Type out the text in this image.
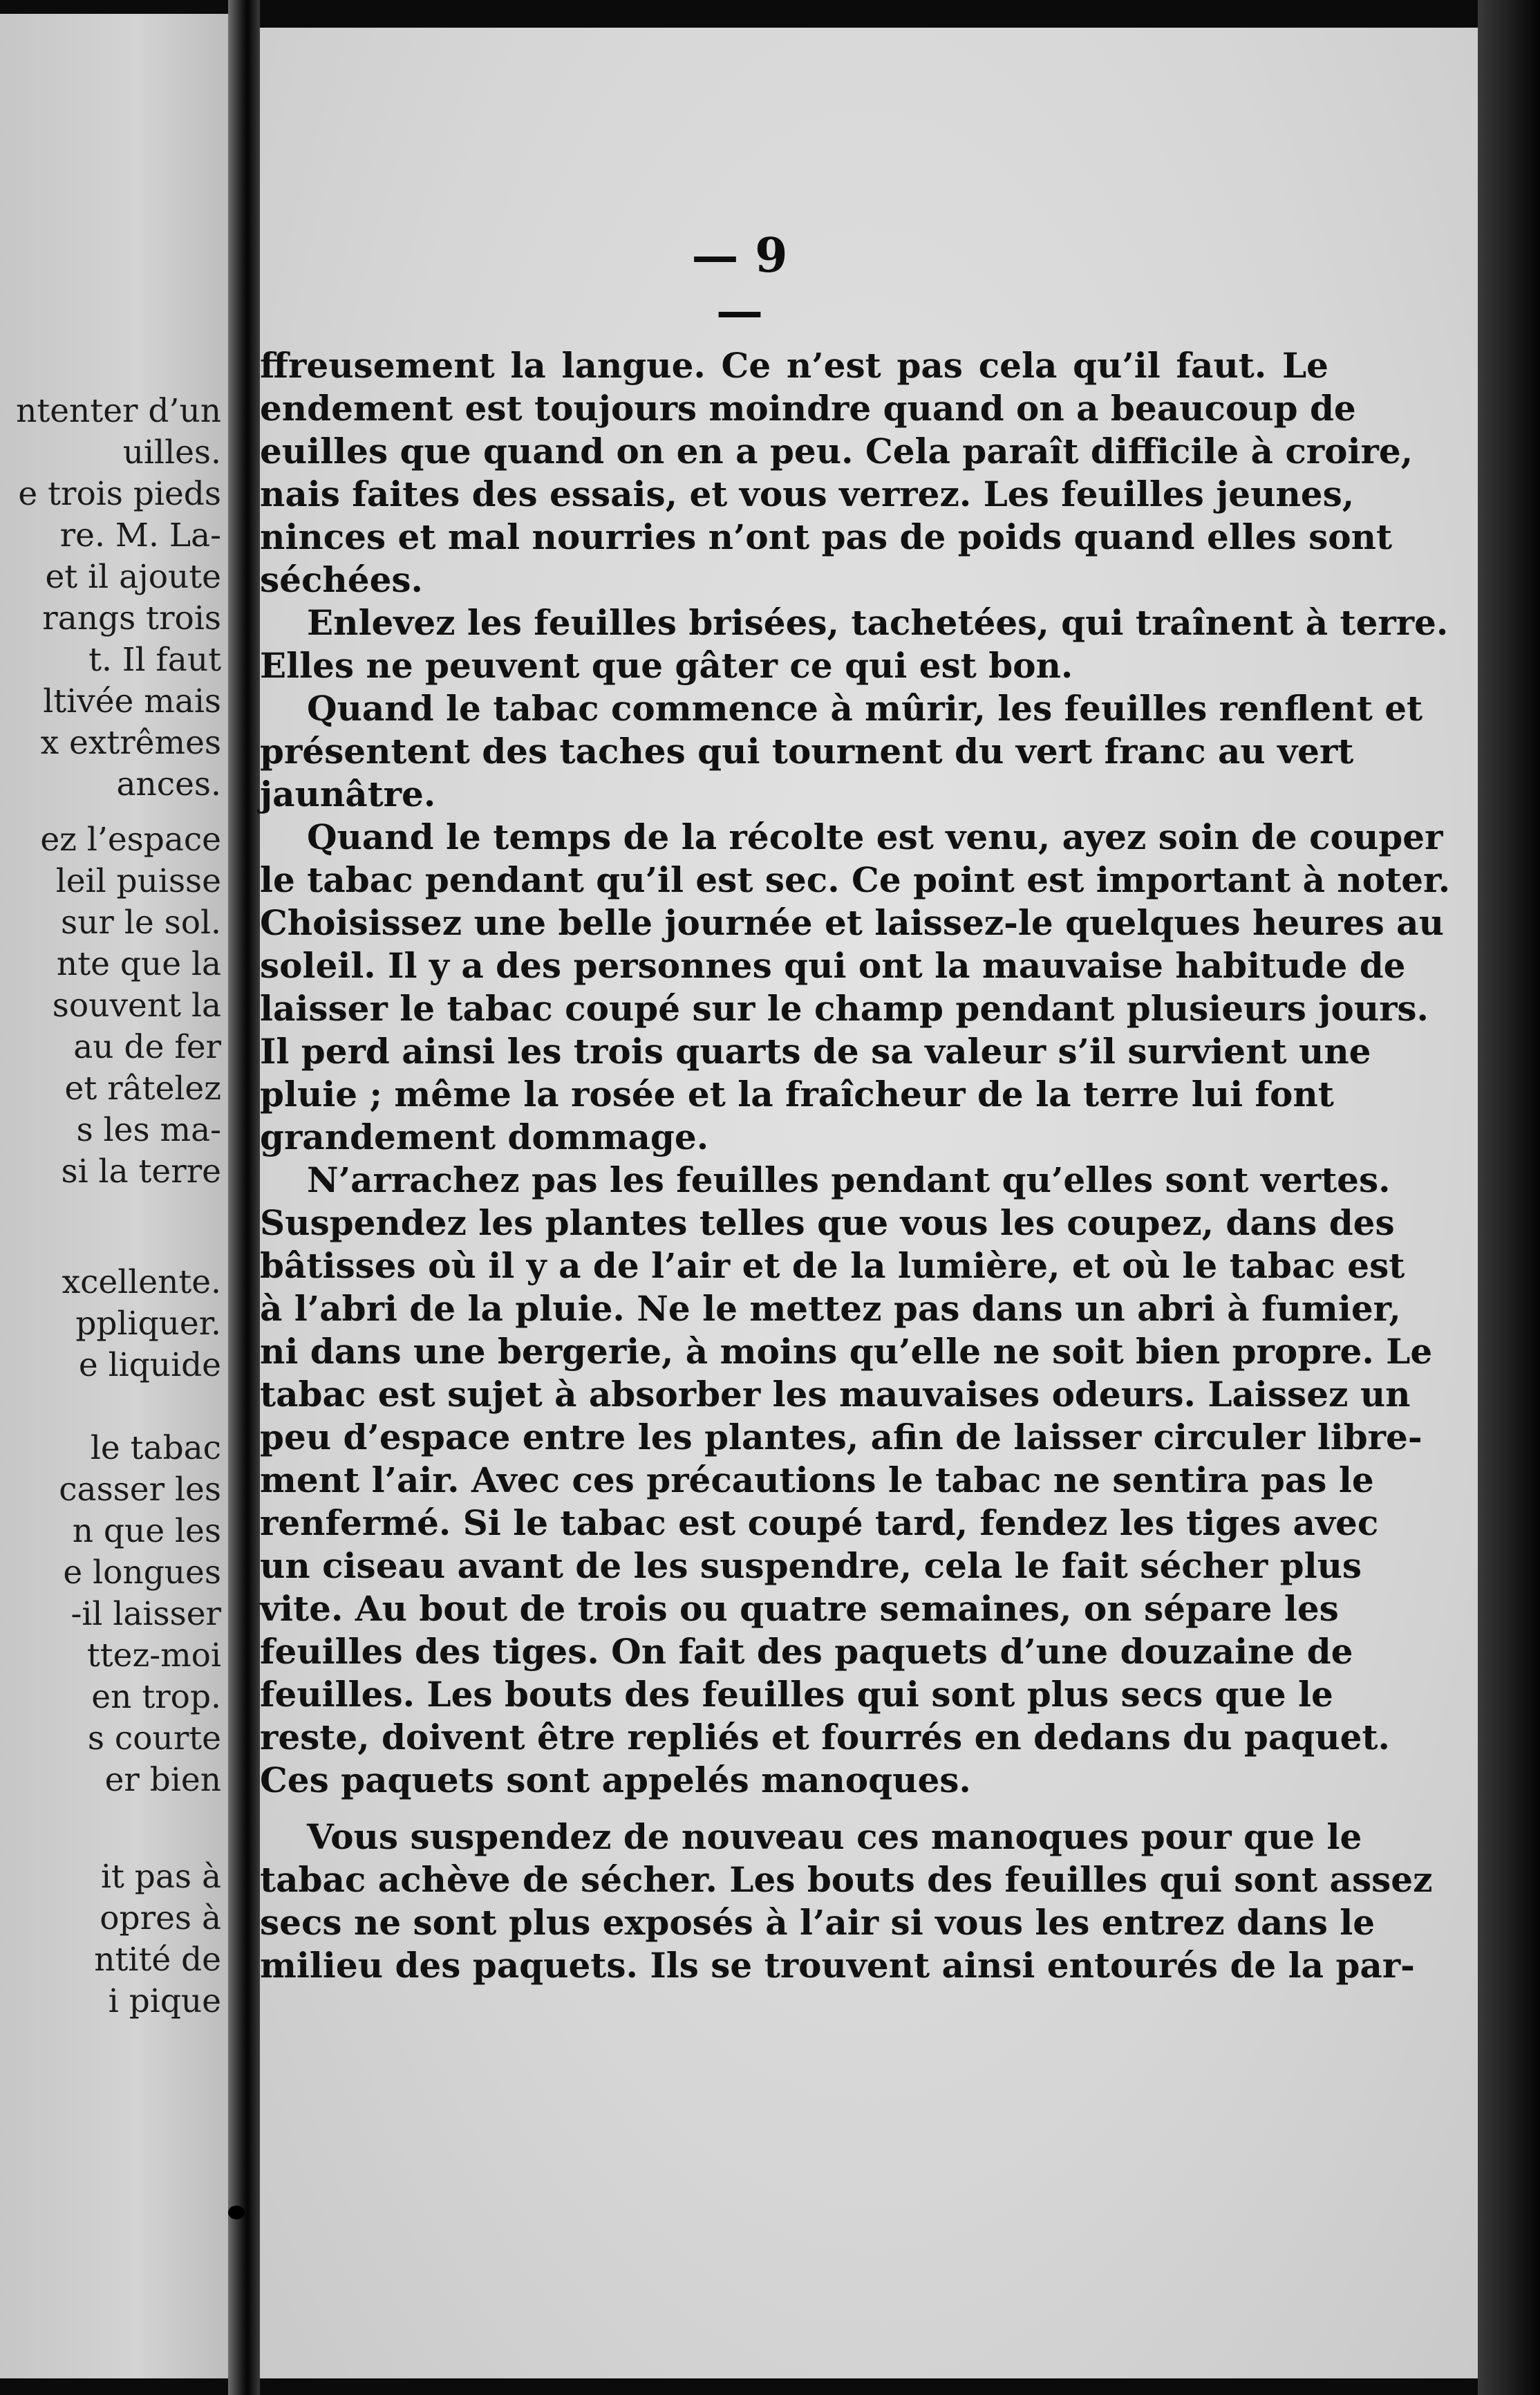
ntenter d’un
uilles.
e trois pieds
re. M. La-
et il ajoute
rangs trois
t. Il faut
ltivée mais
x extrêmes
ances.
ez l’espace
leil puisse
sur le sol.
nte que la
souvent la
au de fer
et râtelez
s les ma-
si la terre
xcellente.
ppliquer.
e liquide
le tabac
casser les
n que les
e longues
-il laisser
ttez-moi
en trop.
s courte
er bien
it pas à
opres à
ntité de
i pique
— 9 —
ffreusement la langue. Ce n’est pas cela qu’il faut. Le
endement est toujours moindre quand on a beaucoup de
euilles que quand on en a peu. Cela paraît difficile à croire,
nais faites des essais, et vous verrez. Les feuilles jeunes,
ninces et mal nourries n’ont pas de poids quand elles sont
séchées.
Enlevez les feuilles brisées, tachetées, qui traînent à terre.
Elles ne peuvent que gâter ce qui est bon.
Quand le tabac commence à mûrir, les feuilles renflent et
présentent des taches qui tournent du vert franc au vert
jaunâtre.
Quand le temps de la récolte est venu, ayez soin de couper
le tabac pendant qu’il est sec. Ce point est important à noter.
Choisissez une belle journée et laissez-le quelques heures au
soleil. Il y a des personnes qui ont la mauvaise habitude de
laisser le tabac coupé sur le champ pendant plusieurs jours.
Il perd ainsi les trois quarts de sa valeur s’il survient une
pluie ; même la rosée et la fraîcheur de la terre lui font
grandement dommage.
N’arrachez pas les feuilles pendant qu’elles sont vertes.
Suspendez les plantes telles que vous les coupez, dans des
bâtisses où il y a de l’air et de la lumière, et où le tabac est
à l’abri de la pluie. Ne le mettez pas dans un abri à fumier,
ni dans une bergerie, à moins qu’elle ne soit bien propre. Le
tabac est sujet à absorber les mauvaises odeurs. Laissez un
peu d’espace entre les plantes, afin de laisser circuler libre-
ment l’air. Avec ces précautions le tabac ne sentira pas le
renfermé. Si le tabac est coupé tard, fendez les tiges avec
un ciseau avant de les suspendre, cela le fait sécher plus
vite. Au bout de trois ou quatre semaines, on sépare les
feuilles des tiges. On fait des paquets d’une douzaine de
feuilles. Les bouts des feuilles qui sont plus secs que le
reste, doivent être repliés et fourrés en dedans du paquet.
Ces paquets sont appelés manoques.
Vous suspendez de nouveau ces manoques pour que le
tabac achève de sécher. Les bouts des feuilles qui sont assez
secs ne sont plus exposés à l’air si vous les entrez dans le
milieu des paquets. Ils se trouvent ainsi entourés de la par-
